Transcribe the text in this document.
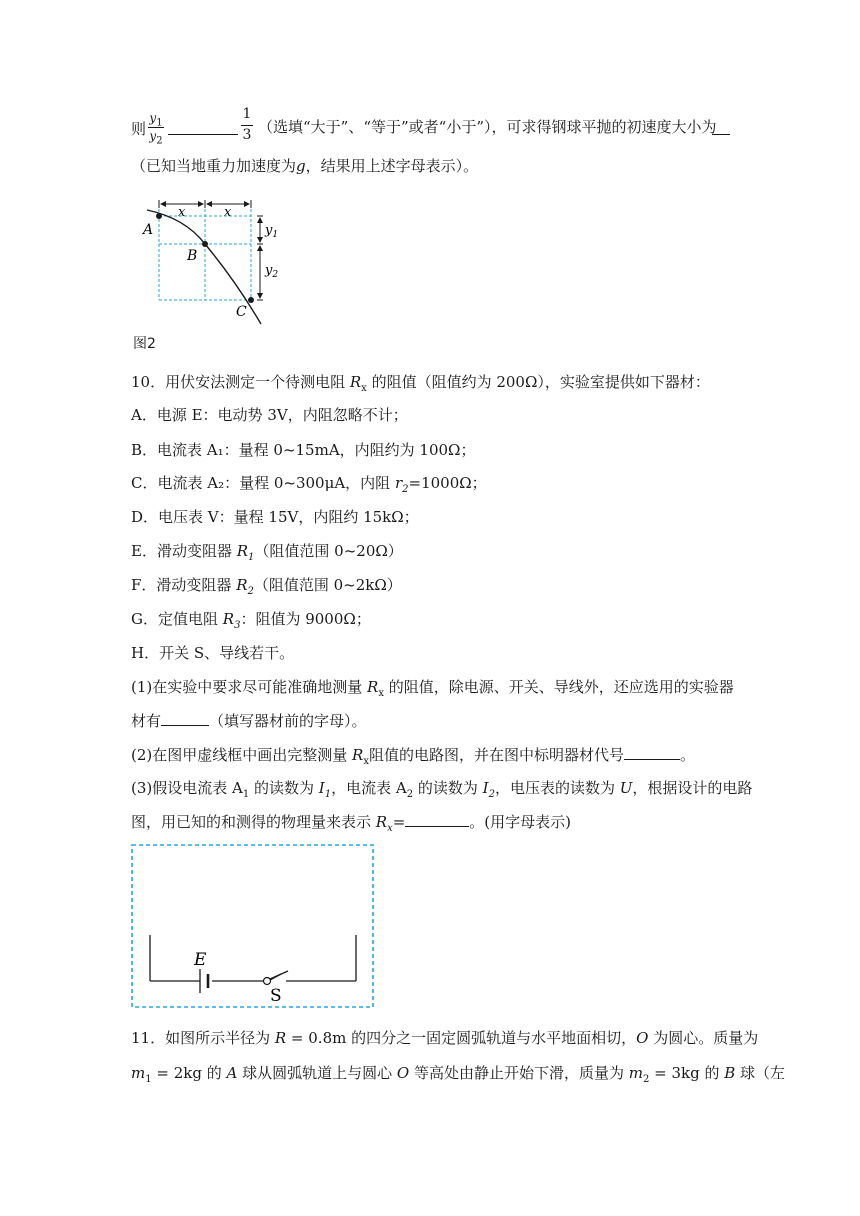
则
$y_1$
$y_2$
1
3 （选填“大于”、“等于”或者“小于”），可求得钢球平抛的初速度大小为
（已知当地重力加速度为g，结果用上述字母表示）。
x	x
$y_1$
$y_2$
A
B
C
图2
10．用伏安法测定一个待测电阻 $R_x$ 的阻值（阻值约为 200Ω），实验室提供如下器材：
A．电源 E：电动势 3V，内阻忽略不计；
B．电流表 A₁：量程 0~15mA，内阻约为 100Ω；
C．电流表 A₂：量程 0~300μA，内阻 $r_2=1000\Omega$；
D．电压表 V：量程 15V，内阻约 15kΩ；
E．滑动变阻器 $R_1$（阻值范围 0~20Ω）
F．滑动变阻器 $R_2$（阻值范围 0~2kΩ）
G．定值电阻 $R_3$：阻值为 9000Ω；
H．开关 S、导线若干。
(1)在实验中要求尽可能准确地测量 $R_x$ 的阻值，除电源、开关、导线外，还应选用的实验器
材有	（填写器材前的字母）。
(2)在图甲虚线框中画出完整测量 $R_x$阻值的电路图，并在图中标明器材代号	。
(3)假设电流表 $A_1$ 的读数为 $I_1$，电流表 $A_2$ 的读数为 $I_2$，电压表的读数为 U，根据设计的电路
图，用已知的和测得的物理量来表示 $R_x=$	。(用字母表示)
E
S
11．如图所示半径为 R = 0.8m 的四分之一固定圆弧轨道与水平地面相切，O 为圆心。质量为
$m_1 = 2kg$ 的 A 球从圆弧轨道上与圆心 O 等高处由静止开始下滑，质量为 $m_2 = 3kg$ 的 B 球（左
